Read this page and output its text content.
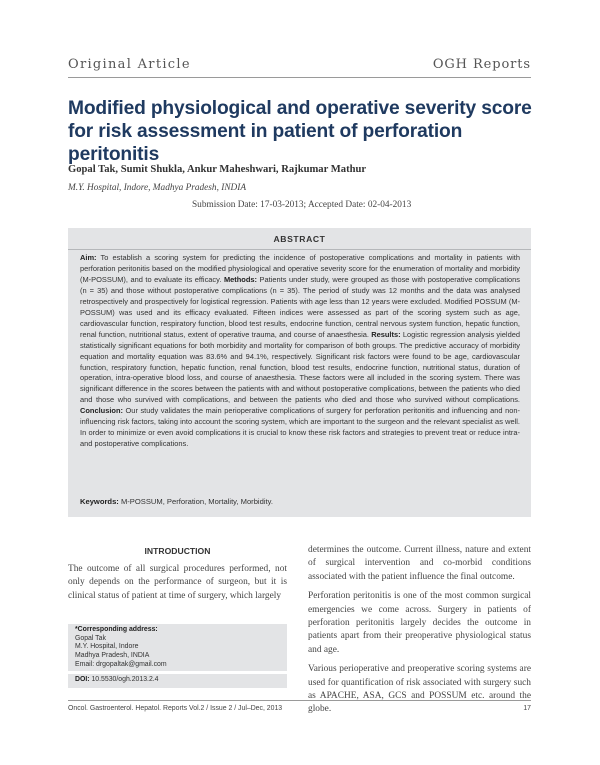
Original Article	OGH Reports
Modified physiological and operative severity score for risk assessment in patient of perforation peritonitis
Gopal Tak, Sumit Shukla, Ankur Maheshwari, Rajkumar Mathur
M.Y. Hospital, Indore, Madhya Pradesh, INDIA
Submission Date: 17-03-2013; Accepted Date: 02-04-2013
ABSTRACT
Aim: To establish a scoring system for predicting the incidence of postoperative complications and mortality in patients with perforation peritonitis based on the modified physiological and operative severity score for the enumeration of mortality and morbidity (M-POSSUM), and to evaluate its efficacy. Methods: Patients under study, were grouped as those with postoperative complications (n = 35) and those without postoperative complications (n = 35). The period of study was 12 months and the data was analysed retrospectively and prospectively for logistical regression. Patients with age less than 12 years were excluded. Modified POSSUM (M-POSSUM) was used and its efficacy evaluated. Fifteen indices were assessed as part of the scoring system such as age, cardiovascular function, respiratory function, blood test results, endocrine function, central nervous system function, hepatic function, renal function, nutritional status, extent of operative trauma, and course of anaesthesia. Results: Logistic regression analysis yielded statistically significant equations for both morbidity and mortality for comparison of both groups. The predictive accuracy of morbidity equation and mortality equation was 83.6% and 94.1%, respectively. Significant risk factors were found to be age, cardiovascular function, respiratory function, hepatic function, renal function, blood test results, endocrine function, nutritional status, duration of operation, intra-operative blood loss, and course of anaesthesia. These factors were all included in the scoring system. There was significant difference in the scores between the patients with and without postoperative complications, between the patients who died and those who survived with complications, and between the patients who died and those who survived without complications. Conclusion: Our study validates the main perioperative complications of surgery for perforation peritonitis and influencing and non-influencing risk factors, taking into account the scoring system, which are important to the surgeon and the relevant specialist as well. In order to minimize or even avoid complications it is crucial to know these risk factors and strategies to prevent treat or reduce intra- and postoperative complications.
Keywords: M-POSSUM, Perforation, Mortality, Morbidity.
INTRODUCTION

The outcome of all surgical procedures performed, not only depends on the performance of surgeon, but it is clinical status of patient at time of surgery, which largely

determines the outcome. Current illness, nature and extent of surgical intervention and co-morbid conditions associated with the patient influence the final outcome.

Perforation peritonitis is one of the most common surgical emergencies we come across. Surgery in patients of perforation peritonitis largely decides the outcome in patients apart from their preoperative physiological status and age.

Various perioperative and preoperative scoring systems are used for quantification of risk associated with surgery such as APACHE, ASA, GCS and POSSUM etc. around the globe.

*Corresponding address:
Gopal Tak
M.Y. Hospital, Indore
Madhya Pradesh, INDIA
Email: drgopaltak@gmail.com
DOI: 10.5530/ogh.2013.2.4
Oncol. Gastroenterol. Hepatol. Reports Vol.2 / Issue 2 / Jul–Dec, 2013	17
